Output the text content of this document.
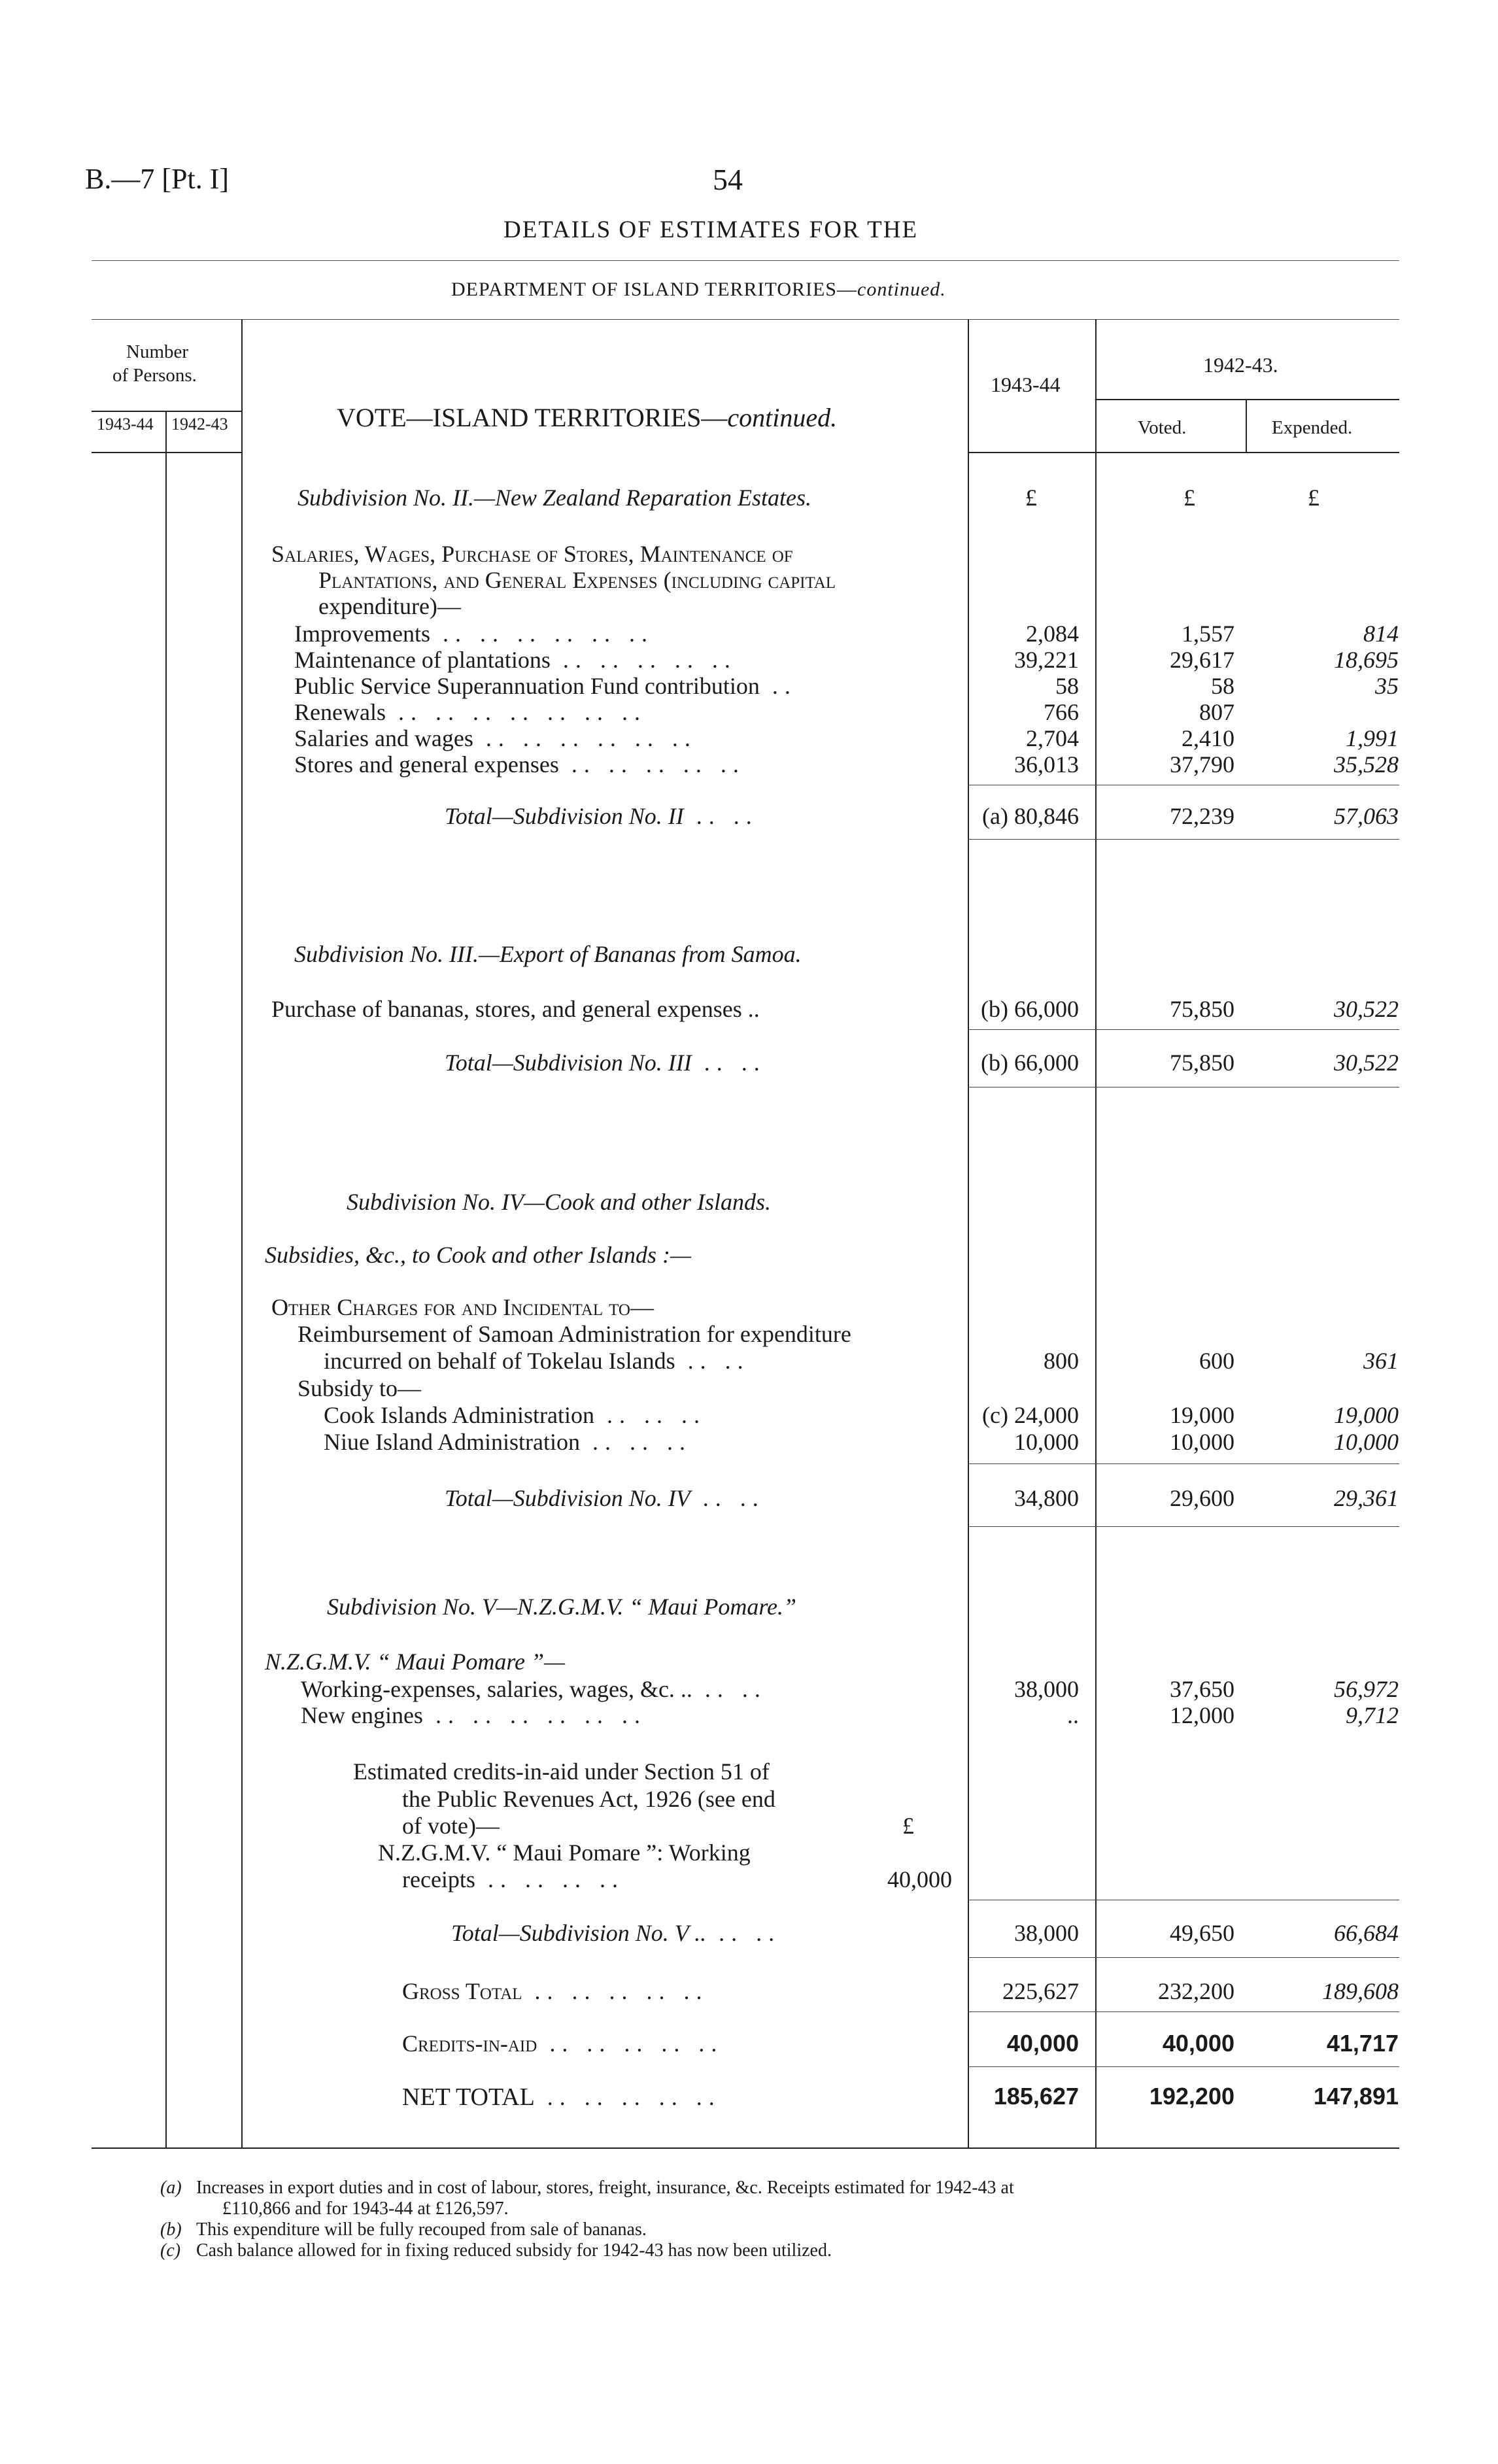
B.—7 [Pt. I]	54
DETAILS OF ESTIMATES FOR THE
DEPARTMENT OF ISLAND TERRITORIES—continued.
Number
of Persons.
1943-44 1942-43	VOTE—ISLAND TERRITORIES—continued.
1943-44
1942-43.
Voted.	Expended.
Subdivision No. II.—New Zealand Reparation Estates.	£	£	£
Salaries, Wages, Purchase of Stores, Maintenance of
Plantations, and General Expenses (including capital
expenditure)—
Improvements .. .. .. .. .. ..	2,084	1,557	814
Maintenance of plantations .. .. .. .. ..	39,221	29,617	18,695
Public Service Superannuation Fund contribution ..	58	58	35
Renewals .. .. .. .. .. .. ..	766	807
Salaries and wages .. .. .. .. .. ..	2,704	2,410	1,991
Stores and general expenses .. .. .. .. ..	36,013	37,790	35,528
Total—Subdivision No. II .. ..	(a) 80,846	72,239	57,063
Subdivision No. III.—Export of Bananas from Samoa.
Purchase of bananas, stores, and general expenses ..	(b) 66,000	75,850	30,522
Total—Subdivision No. III .. ..	(b) 66,000	75,850	30,522
Subdivision No. IV—Cook and other Islands.
Subsidies, &c., to Cook and other Islands :—
Other Charges for and Incidental to—
Reimbursement of Samoan Administration for expenditure
incurred on behalf of Tokelau Islands .. ..	800	600	361
Subsidy to—
Cook Islands Administration .. .. ..	(c) 24,000	19,000	19,000
Niue Island Administration .. .. ..	10,000	10,000	10,000
Total—Subdivision No. IV .. ..	34,800	29,600	29,361
Subdivision No. V—N.Z.G.M.V. “ Maui Pomare.”
N.Z.G.M.V. “ Maui Pomare ”—
Working-expenses, salaries, wages, &c. .. .. ..	38,000	37,650	56,972
New engines .. .. .. .. .. ..	..	12,000	9,712
Estimated credits-in-aid under Section 51 of
the Public Revenues Act, 1926 (see end
of vote)—	£
N.Z.G.M.V. “ Maui Pomare ”: Working
receipts .. .. .. ..	40,000
Total—Subdivision No. V .. .. ..	38,000	49,650	66,684
Gross Total .. .. .. .. ..	225,627	232,200	189,608
Credits-in-aid .. .. .. .. ..	40,000	40,000	41,717
NET TOTAL .. .. .. .. ..	185,627	192,200	147,891
(a) Increases in export duties and in cost of labour, stores, freight, insurance, &c. Receipts estimated for 1942-43 at
£110,866 and for 1943-44 at £126,597.
(b) This expenditure will be fully recouped from sale of bananas.
(c) Cash balance allowed for in fixing reduced subsidy for 1942-43 has now been utilized.
